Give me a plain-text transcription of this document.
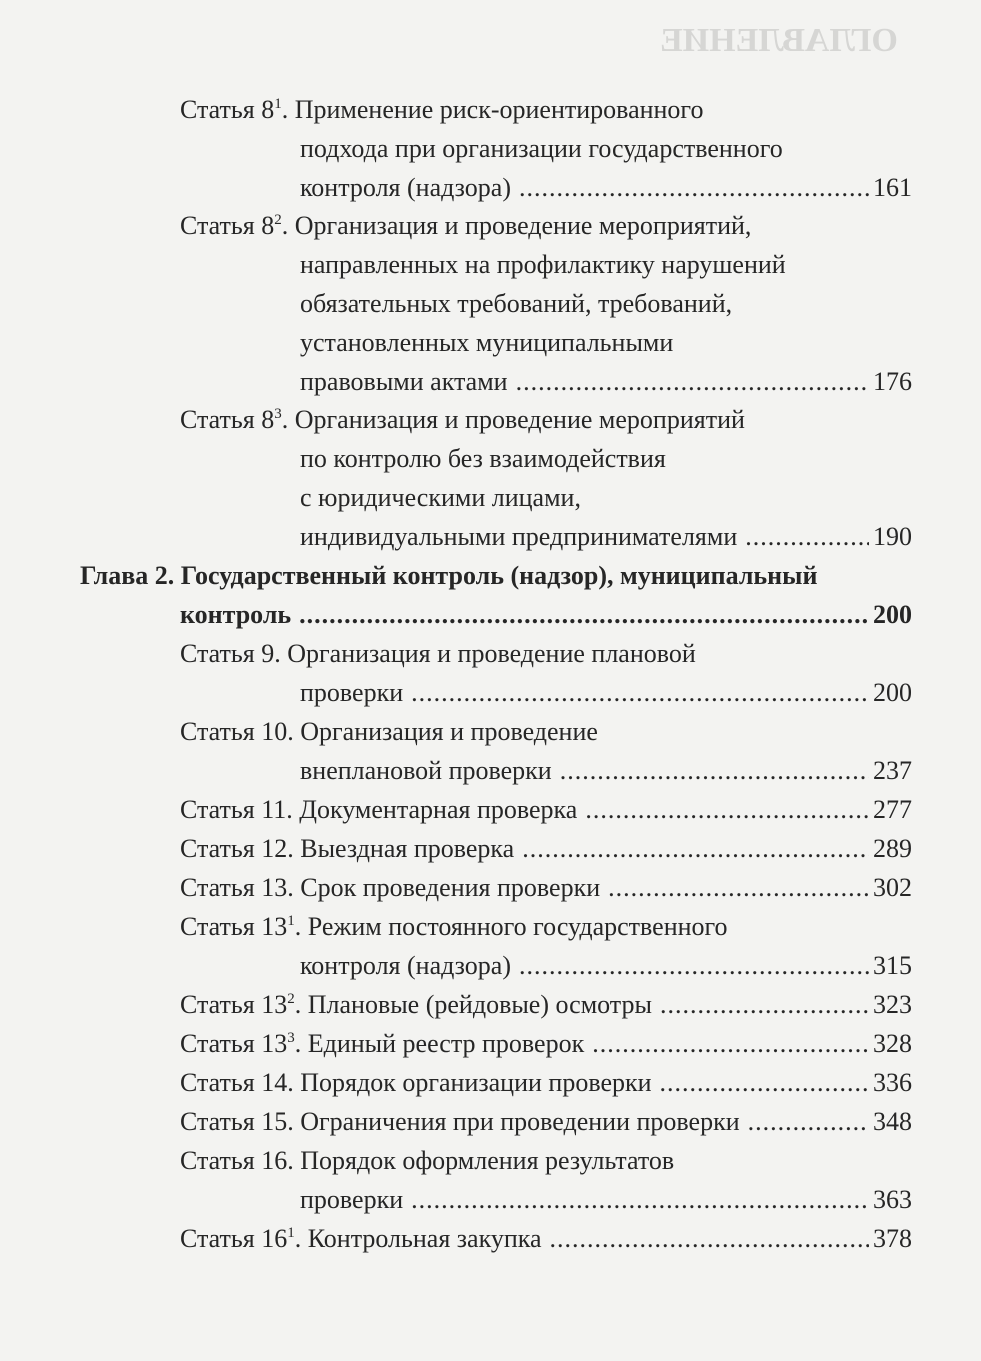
ОГЛАВЛЕНИЕ
Статья $8^1$. Применение риск-ориентированного
подхода при организации государственного
контроля (надзора) .....	161
Статья $8^2$. Организация и проведение мероприятий,
направленных на профилактику нарушений
обязательных требований, требований,
установленных муниципальными
правовыми актами .....	176
Статья $8^3$. Организация и проведение мероприятий
по контролю без взаимодействия
с юридическими лицами,
индивидуальными предпринимателями .....	190
Глава 2. Государственный контроль (надзор), муниципальный
контроль .....	200
Статья 9. Организация и проведение плановой
проверки .....	200
Статья 10. Организация и проведение
внеплановой проверки .....	237
Статья 11. Документарная проверка .....	277
Статья 12. Выездная проверка .....	289
Статья 13. Срок проведения проверки .....	302
Статья $13^1$. Режим постоянного государственного
контроля (надзора) .....	315
Статья $13^2$. Плановые (рейдовые) осмотры .....	323
Статья $13^3$. Единый реестр проверок .....	328
Статья 14. Порядок организации проверки .....	336
Статья 15. Ограничения при проведении проверки .....	348
Статья 16. Порядок оформления результатов
проверки .....	363
Статья $16^1$. Контрольная закупка .....	378
